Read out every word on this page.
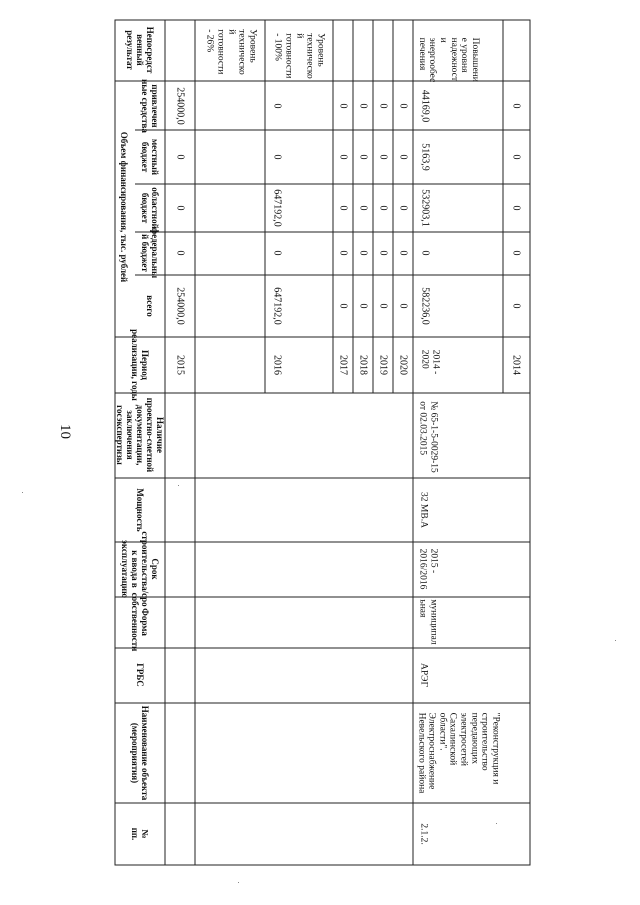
10
Непосредст
венный
результат
привлечен
ные средства
местный
бюджет
областной
бюджет
федеральны
й бюджет
всего
Объем финансирования, тыс. рублей
Период
реализации, годы
Наличие
проектно-сметной
документации,
заключения
госэкспертизы
Мощность
Срок
строительства/сро
к ввода в
эксплуатацию
Форма
собственности
ГРБС
Наименование объекта
(мероприятия)
№
пп.
Уровень
техническо
й
готовности
- 26%
254000,0
0
0
0
254000,0
2015
Уровень
техническо
й
готовности
- 100%
0
0
647192,0
0
647192,0
2016
0
0
0
0
0
2017
0
0
0
0
0
2018
0
0
0
0
0
2019
0
0
0
0
0
2020
Повышени
е уровня
надежност
и
энергообес
печения
44169,0
5163,9
532903,1
0
582236,0
2014 -
2020
0
0
0
0
0
2014
№ 65-1-5-0029-15
от 02.03.2015
32 МВ.А
2015 -
2016/2016
муниципал
ьная
АРЭГ
"Реконструкция и
строительство
передающих
электросетей
Сахалинской
области".
Электроснабжение
Невельского района
2.1.2.
